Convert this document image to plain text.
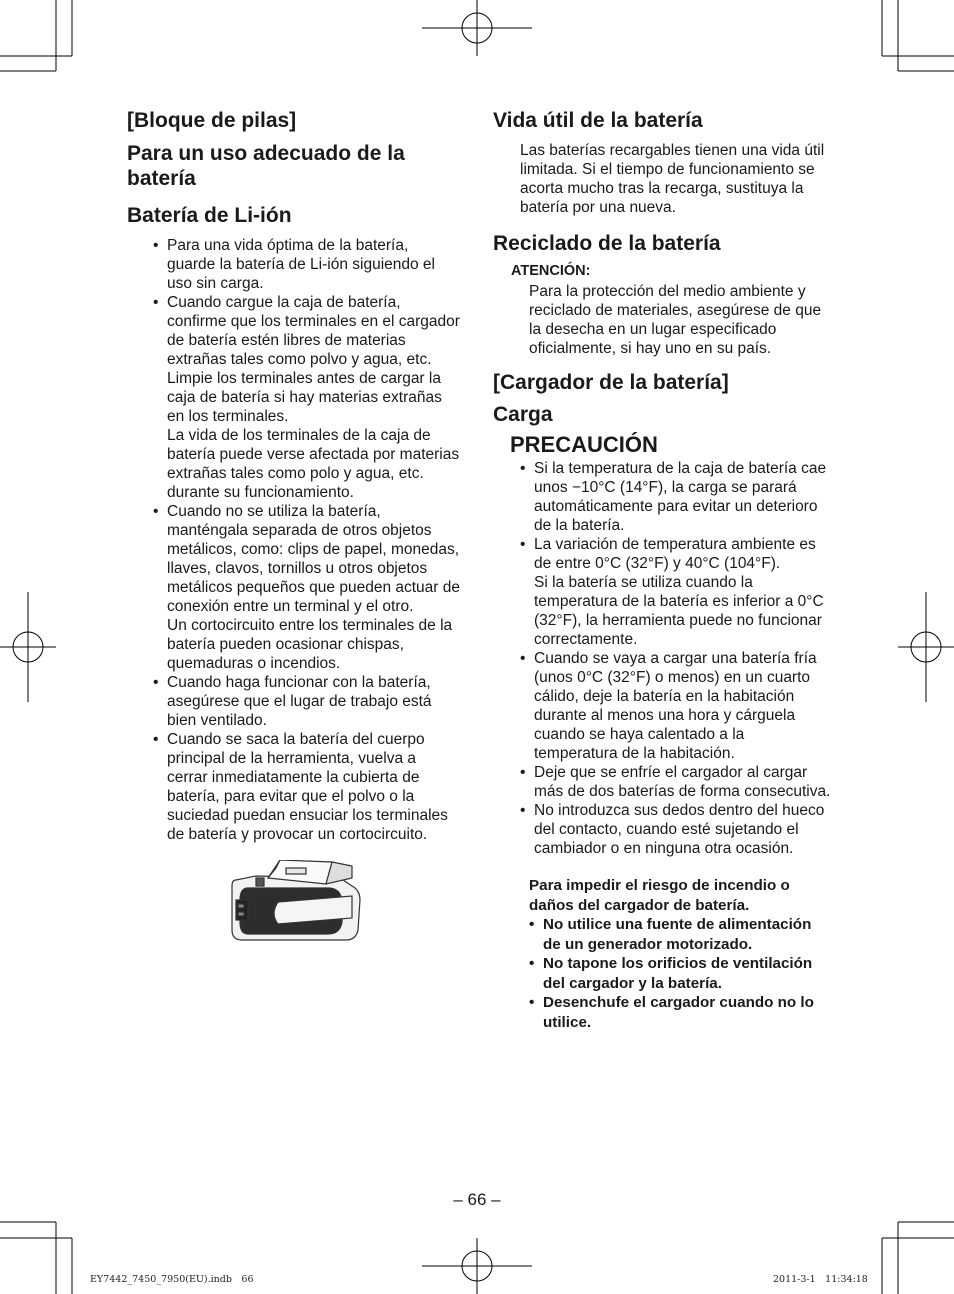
[Bloque de pilas]
Para un uso adecuado de la batería
Batería de Li-ión
• Para una vida óptima de la batería, guarde la batería de Li-ión siguiendo el uso sin carga.
• Cuando cargue la caja de batería, confirme que los terminales en el cargador de batería estén libres de materias extrañas tales como polvo y agua, etc. Limpie los terminales antes de cargar la caja de batería si hay materias extrañas en los terminales.
La vida de los terminales de la caja de batería puede verse afectada por materias extrañas tales como polo y agua, etc. durante su funcionamiento.
• Cuando no se utiliza la batería, manténgala separada de otros objetos metálicos, como: clips de papel, monedas, llaves, clavos, tornillos u otros objetos metálicos pequeños que pueden actuar de conexión entre un terminal y el otro.
Un cortocircuito entre los terminales de la batería pueden ocasionar chispas, quemaduras o incendios.
• Cuando haga funcionar con la batería, asegúrese que el lugar de trabajo está bien ventilado.
• Cuando se saca la batería del cuerpo principal de la herramienta, vuelva a cerrar inmediatamente la cubierta de batería, para evitar que el polvo o la suciedad puedan ensuciar los terminales de batería y provocar un cortocircuito.
Vida útil de la batería

Las baterías recargables tienen una vida útil limitada. Si el tiempo de funcionamiento se acorta mucho tras la recarga, sustituya la batería por una nueva.

Reciclado de la batería

ATENCIÓN:

Para la protección del medio ambiente y reciclado de materiales, asegúrese de que la desecha en un lugar especificado oficialmente, si hay uno en su país.

[Cargador de la batería]
Carga
PRECAUCIÓN
• Si la temperatura de la caja de batería cae unos −10°C (14°F), la carga se parará automáticamente para evitar un deterioro de la batería.
• La variación de temperatura ambiente es de entre 0°C (32°F) y 40°C (104°F).
Si la batería se utiliza cuando la temperatura de la batería es inferior a 0°C (32°F), la herramienta puede no funcionar correctamente.
• Cuando se vaya a cargar una batería fría (unos 0°C (32°F) o menos) en un cuarto cálido, deje la batería en la habitación durante al menos una hora y cárguela cuando se haya calentado a la temperatura de la habitación.
• Deje que se enfríe el cargador al cargar más de dos baterías de forma consecutiva.
• No introduzca sus dedos dentro del hueco del contacto, cuando esté sujetando el cambiador o en ninguna otra ocasión.
Para impedir el riesgo de incendio o daños del cargador de batería.
• No utilice una fuente de alimentación de un generador motorizado.
• No tapone los orificios de ventilación del cargador y la batería.
• Desenchufe el cargador cuando no lo utilice.
– 66 –
EY7442_7450_7950(EU).indb　66	2011-3-1　11:34:18
